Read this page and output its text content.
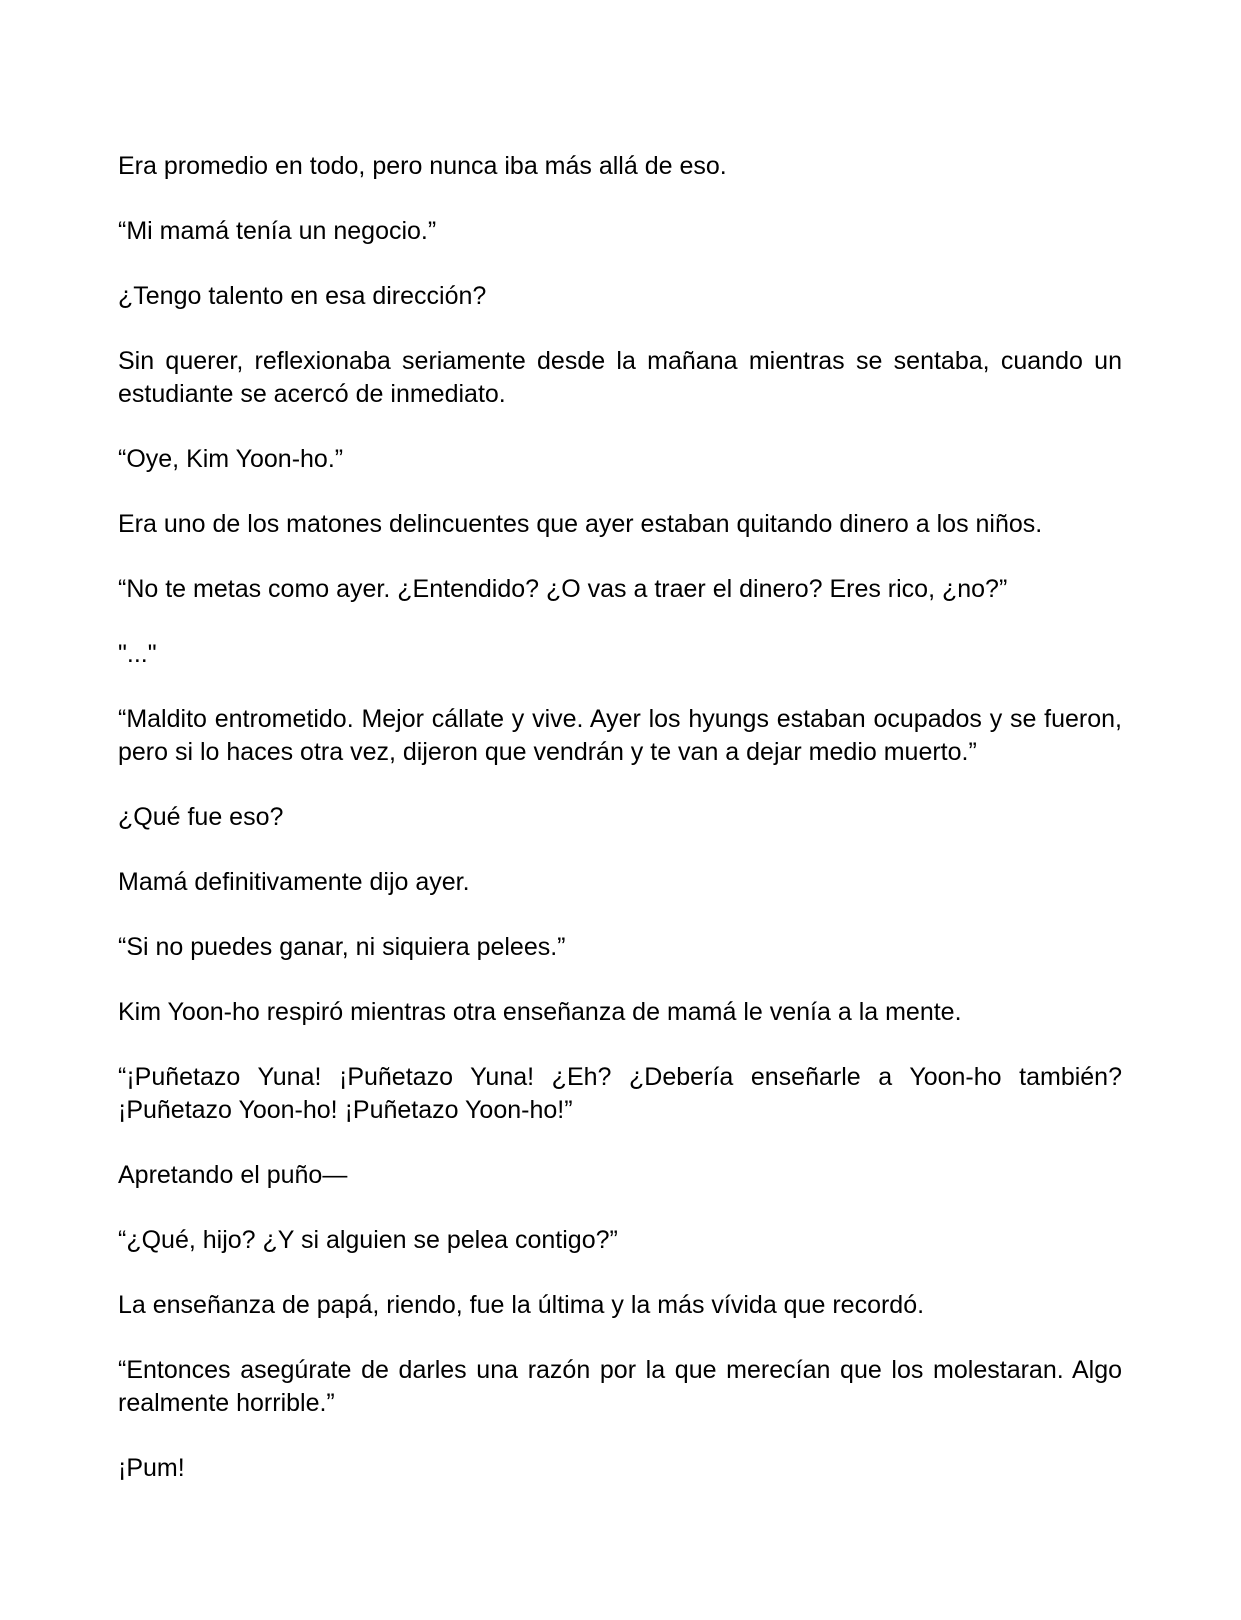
Era promedio en todo, pero nunca iba más allá de eso.

“Mi mamá tenía un negocio.”

¿Tengo talento en esa dirección?

Sin querer, reflexionaba seriamente desde la mañana mientras se sentaba, cuando un estudiante se acercó de inmediato.

“Oye, Kim Yoon-ho.”

Era uno de los matones delincuentes que ayer estaban quitando dinero a los niños.

“No te metas como ayer. ¿Entendido? ¿O vas a traer el dinero? Eres rico, ¿no?”

"..."

“Maldito entrometido. Mejor cállate y vive. Ayer los hyungs estaban ocupados y se fueron, pero si lo haces otra vez, dijeron que vendrán y te van a dejar medio muerto.”

¿Qué fue eso?

Mamá definitivamente dijo ayer.

“Si no puedes ganar, ni siquiera pelees.”

Kim Yoon-ho respiró mientras otra enseñanza de mamá le venía a la mente.

“¡Puñetazo Yuna! ¡Puñetazo Yuna! ¿Eh? ¿Debería enseñarle a Yoon-ho también? ¡Puñetazo Yoon-ho! ¡Puñetazo Yoon-ho!”

Apretando el puño—

“¿Qué, hijo? ¿Y si alguien se pelea contigo?”

La enseñanza de papá, riendo, fue la última y la más vívida que recordó.

“Entonces asegúrate de darles una razón por la que merecían que los molestaran. Algo realmente horrible.”

¡Pum!
